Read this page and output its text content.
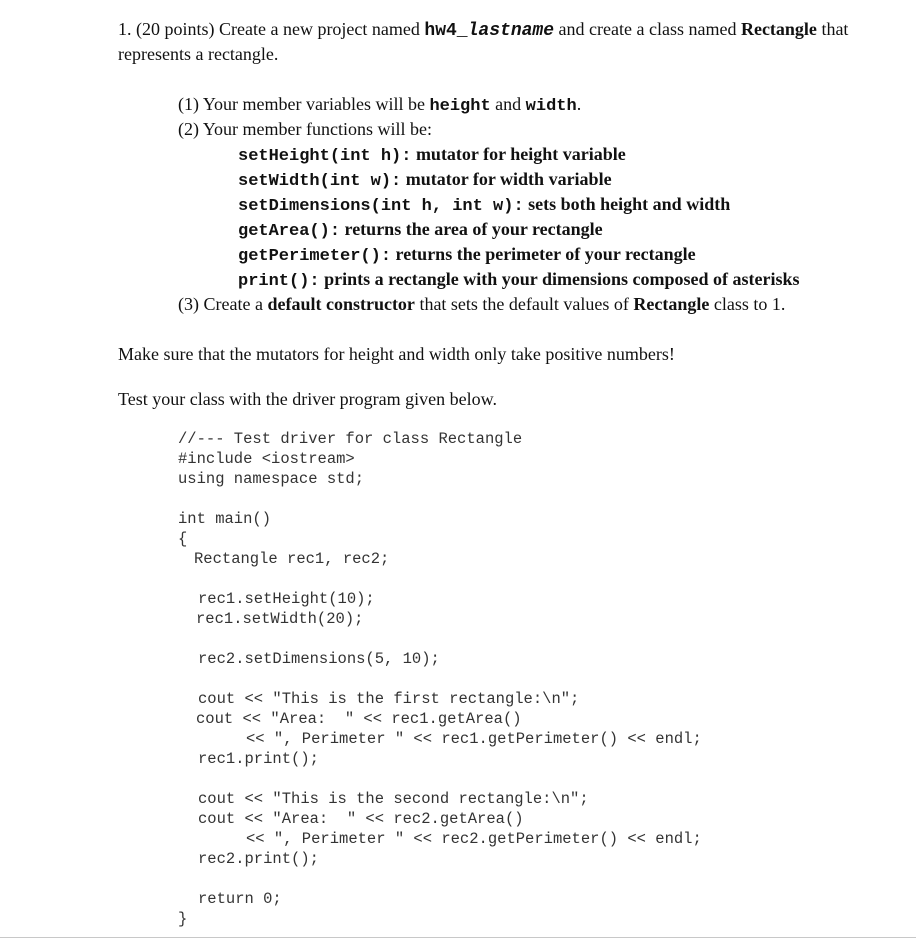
1. (20 points) Create a new project named hw4_lastname and create a class named Rectangle that
represents a rectangle.
(1) Your member variables will be height and width.
(2) Your member functions will be:
setHeight(int h): mutator for height variable
setWidth(int w): mutator for width variable
setDimensions(int h, int w): sets both height and width
getArea(): returns the area of your rectangle
getPerimeter(): returns the perimeter of your rectangle
print(): prints a rectangle with your dimensions composed of asterisks
(3) Create a default constructor that sets the default values of Rectangle class to 1.
Make sure that the mutators for height and width only take positive numbers!
Test your class with the driver program given below.
//--- Test driver for class Rectangle
#include <iostream>
using namespace std;
int main()
{
Rectangle rec1, rec2;
rec1.setHeight(10);
rec1.setWidth(20);
rec2.setDimensions(5, 10);
cout << "This is the first rectangle:\n";
cout << "Area:  " << rec1.getArea()
<< ", Perimeter " << rec1.getPerimeter() << endl;
rec1.print();
cout << "This is the second rectangle:\n";
cout << "Area:  " << rec2.getArea()
<< ", Perimeter " << rec2.getPerimeter() << endl;
rec2.print();
return 0;
}
